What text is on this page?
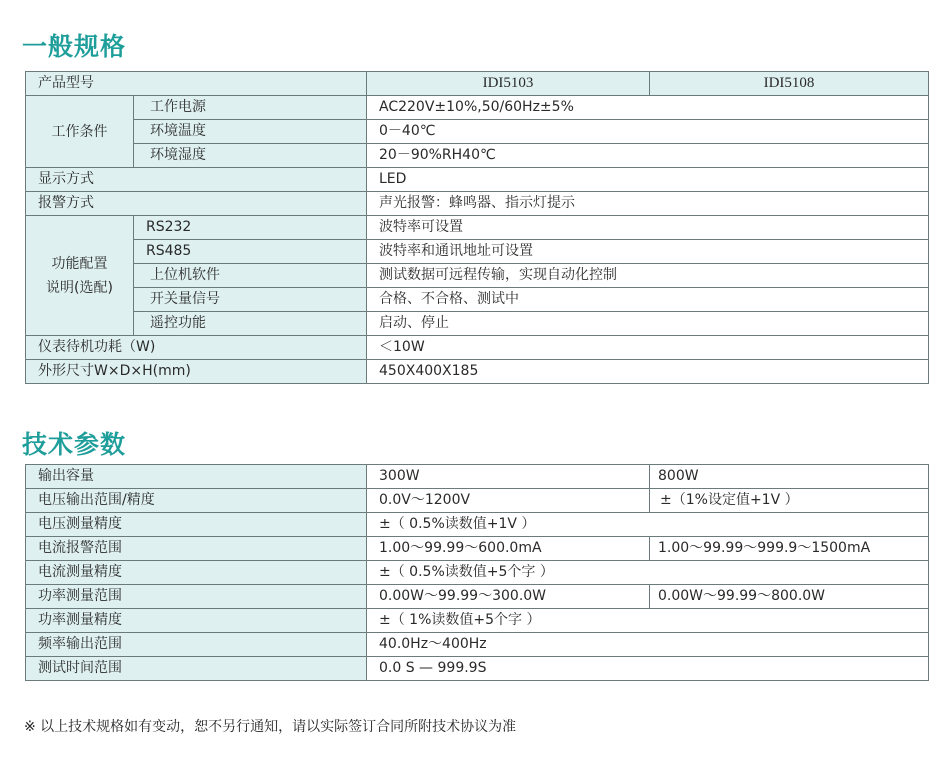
一般规格
产品型号		IDI5103	IDI5108
工作条件	工作电源	AC220V±10%,50/60Hz±5%	
	环境温度	0－40℃	
	环境湿度	20－90%RH40℃	
显示方式		LED	
报警方式		声光报警：蜂鸣器、指示灯提示	

功能配置
说明(选配)	RS232	波特率可设置	
	RS485	波特率和通讯地址可设置	
	上位机软件	测试数据可远程传输，实现自动化控制	
	开关量信号	合格、不合格、测试中	
	遥控功能	启动、停止	
仪表待机功耗（W)		＜10W	
外形尺寸W×D×H(mm)		450X400X185	
技术参数
输出容量	300W	800W
电压输出范围/精度	0.0V～1200V	±（1%设定值+1V ）
电压测量精度	±（ 0.5%读数值+1V ）	
电流报警范围	1.00～99.99～600.0mA	1.00～99.99～999.9～1500mA
电流测量精度	±（ 0.5%读数值+5个字 ）	
功率测量范围	0.00W～99.99～300.0W	0.00W～99.99～800.0W
功率测量精度	±（ 1%读数值+5个字 ）	
频率输出范围	40.0Hz～400Hz	
测试时间范围	0.0 S — 999.9S	

※ 以上技术规格如有变动，恕不另行通知，请以实际签订合同所附技术协议为准
